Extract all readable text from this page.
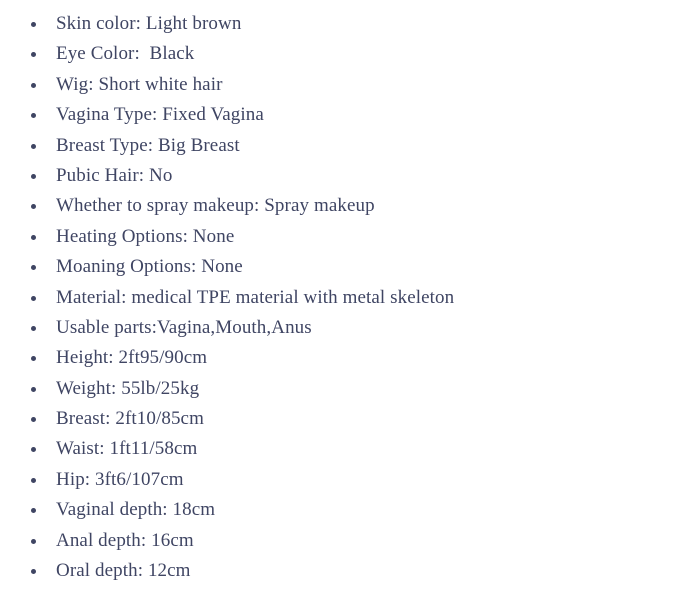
Skin color: Light brown
Eye Color:  Black
Wig: Short white hair
Vagina Type: Fixed Vagina
Breast Type: Big Breast
Pubic Hair: No
Whether to spray makeup: Spray makeup
Heating Options: None
Moaning Options: None
Material: medical TPE material with metal skeleton
Usable parts:Vagina,Mouth,Anus
Height: 2ft95/90cm
Weight: 55lb/25kg
Breast: 2ft10/85cm
Waist: 1ft11/58cm
Hip: 3ft6/107cm
Vaginal depth: 18cm
Anal depth: 16cm
Oral depth: 12cm
